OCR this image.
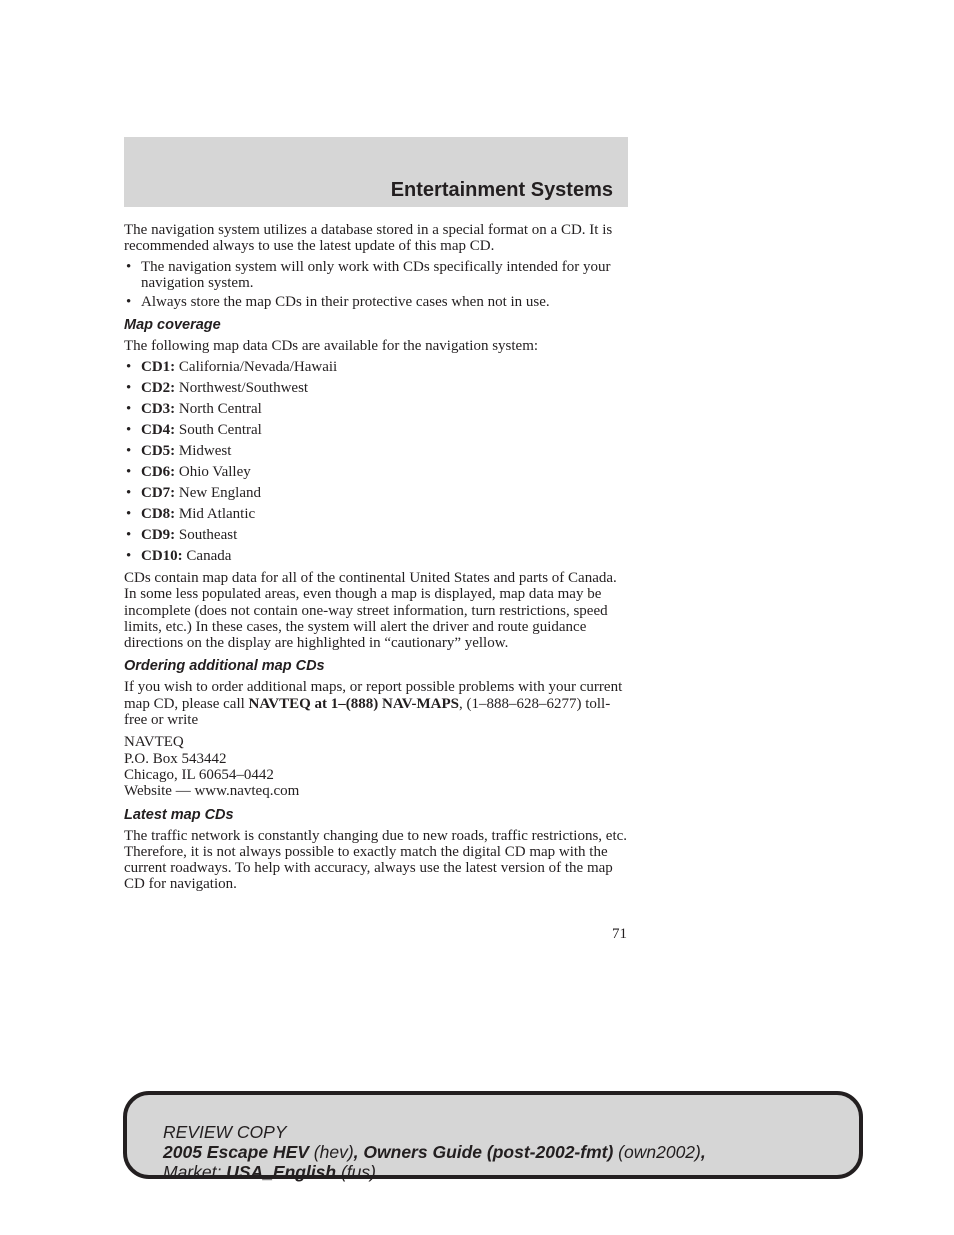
Entertainment Systems

The navigation system utilizes a database stored in a special format on a CD. It is recommended always to use the latest update of this map CD.

• The navigation system will only work with CDs specifically intended for your navigation system.
• Always store the map CDs in their protective cases when not in use.
Map coverage

The following map data CDs are available for the navigation system:

• CD1: California/Nevada/Hawaii
• CD2: Northwest/Southwest
• CD3: North Central
• CD4: South Central
• CD5: Midwest
• CD6: Ohio Valley
• CD7: New England
• CD8: Mid Atlantic
• CD9: Southeast
• CD10: Canada

CDs contain map data for all of the continental United States and parts of Canada. In some less populated areas, even though a map is displayed, map data may be incomplete (does not contain one-way street information, turn restrictions, speed limits, etc.) In these cases, the system will alert the driver and route guidance directions on the display are highlighted in “cautionary” yellow.

Ordering additional map CDs

If you wish to order additional maps, or report possible problems with your current map CD, please call NAVTEQ at 1–(888) NAV-MAPS, (1–888–628–6277) toll-free or write

NAVTEQ

P.O. Box 543442

Chicago, IL 60654–0442

Website — www.navteq.com

Latest map CDs

The traffic network is constantly changing due to new roads, traffic restrictions, etc. Therefore, it is not always possible to exactly match the digital CD map with the current roadways. To help with accuracy, always use the latest version of the map CD for navigation.

71
REVIEW COPY
2005 Escape HEV (hev), Owners Guide (post-2002-fmt) (own2002),
Market: USA_English (fus)
